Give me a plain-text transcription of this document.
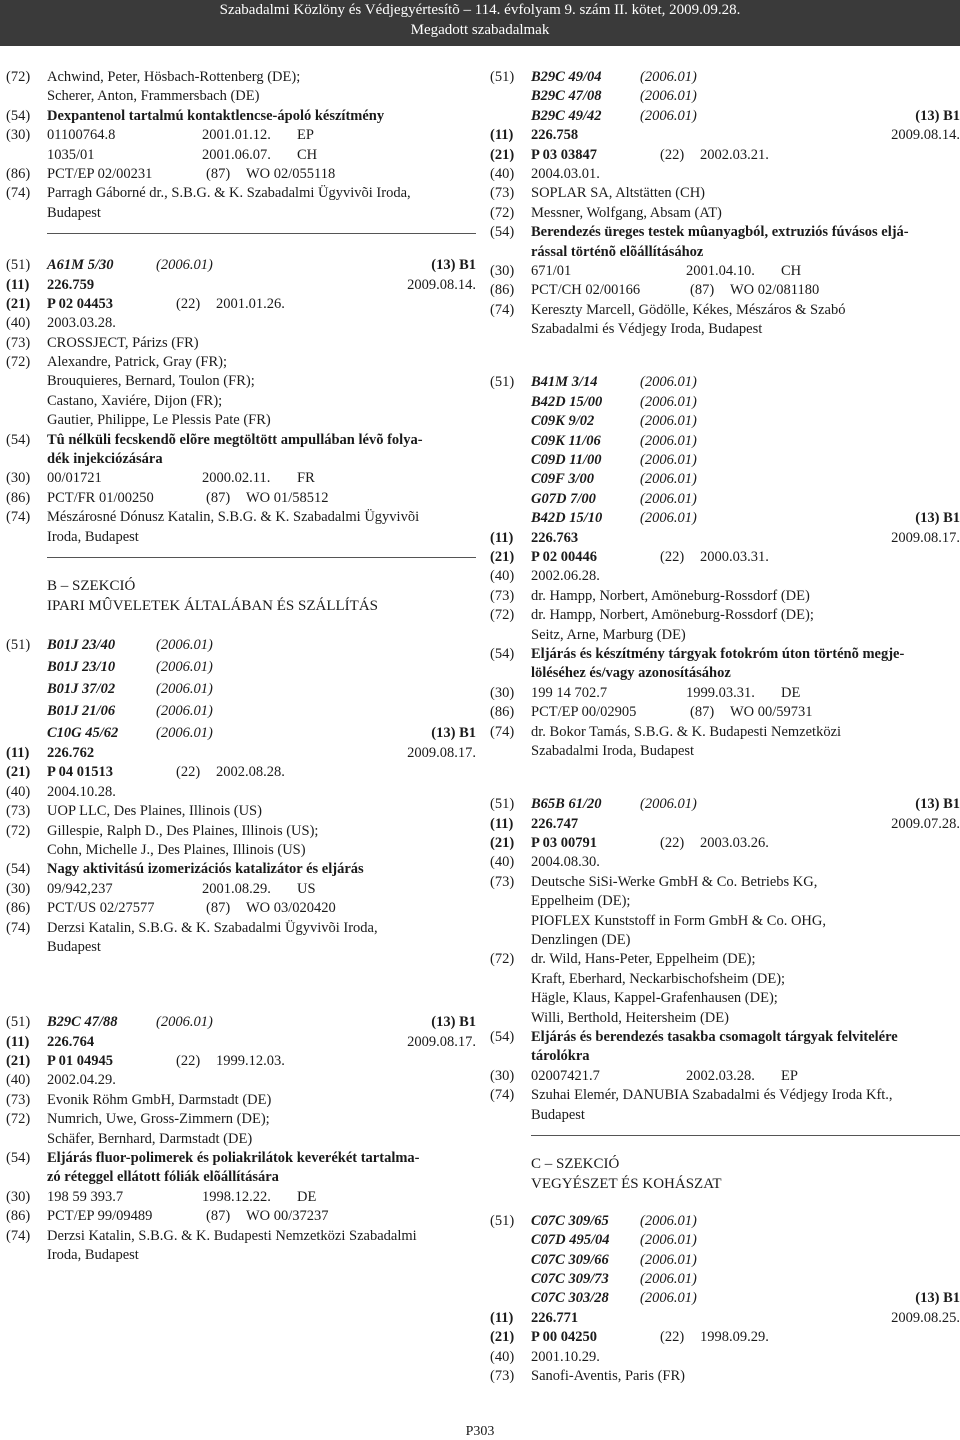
Szabadalmi Közlöny és Védjegyértesítõ – 114. évfolyam 9. szám II. kötet, 2009.09.28.
Megadott szabadalmak
(72) Achwind, Peter, Hösbach-Rottenberg (DE);
Scherer, Anton, Frammersbach (DE)
(54) Dexpantenol tartalmú kontaktlencse-ápoló készítmény
(30) 01100764.8	2001.01.12. EP
1035/01	2001.06.07. CH
(86) PCT/EP 02/00231	(87) WO 02/055118
(74) Parragh Gáborné dr., S.B.G. & K. Szabadalmi Ügyvivõi Iroda,
Budapest
(51) A61M 5/30	(2006.01)	(13) B1
(11) 226.759	2009.08.14.
(21) P 02 04453	(22) 2001.01.26.
(40) 2003.03.28.
(73) CROSSJECT, Párizs (FR)
(72) Alexandre, Patrick, Gray (FR);
Brouquieres, Bernard, Toulon (FR);
Castano, Xaviére, Dijon (FR);
Gautier, Philippe, Le Plessis Pate (FR)
(54) Tû nélküli fecskendõ elõre megtöltött ampullában lévõ folya-
dék injekciózására
(30) 00/01721	2000.02.11. FR
(86) PCT/FR 01/00250	(87) WO 01/58512
(74) Mészárosné Dónusz Katalin, S.B.G. & K. Szabadalmi Ügyvivõi
Iroda, Budapest
B – SZEKCIÓ
IPARI MÛVELETEK ÁLTALÁBAN ÉS SZÁLLÍTÁS
(51) B01J 23/40	(2006.01)
B01J 23/10	(2006.01)
B01J 37/02	(2006.01)
B01J 21/06	(2006.01)
C10G 45/62	(2006.01)	(13) B1
(11) 226.762	2009.08.17.
(21) P 04 01513	(22) 2002.08.28.
(40) 2004.10.28.
(73) UOP LLC, Des Plaines, Illinois (US)
(72) Gillespie, Ralph D., Des Plaines, Illinois (US);
Cohn, Michelle J., Des Plaines, Illinois (US)
(54) Nagy aktivitású izomerizációs katalizátor és eljárás
(30) 09/942,237	2001.08.29. US
(86) PCT/US 02/27577	(87) WO 03/020420
(74) Derzsi Katalin, S.B.G. & K. Szabadalmi Ügyvivõi Iroda,
Budapest
(51) B29C 47/88	(2006.01)	(13) B1
(11) 226.764	2009.08.17.
(21) P 01 04945	(22) 1999.12.03.
(40) 2002.04.29.
(73) Evonik Röhm GmbH, Darmstadt (DE)
(72) Numrich, Uwe, Gross-Zimmern (DE);
Schäfer, Bernhard, Darmstadt (DE)
(54) Eljárás fluor-polimerek és poliakrilátok keverékét tartalma-
zó réteggel ellátott fóliák elõállítására
(30) 198 59 393.7	1998.12.22. DE
(86) PCT/EP 99/09489	(87) WO 00/37237
(74) Derzsi Katalin, S.B.G. & K. Budapesti Nemzetközi Szabadalmi
Iroda, Budapest
(51) B29C 49/04	(2006.01)
B29C 47/08	(2006.01)
B29C 49/42	(2006.01)	(13) B1
(11) 226.758	2009.08.14.
(21) P 03 03847	(22) 2002.03.21.
(40) 2004.03.01.
(73) SOPLAR SA, Altstätten (CH)
(72) Messner, Wolfgang, Absam (AT)
(54) Berendezés üreges testek mûanyagból, extruziós fúvásos eljá-
rással történõ elõállításához
(30) 671/01	2001.04.10. CH
(86) PCT/CH 02/00166	(87) WO 02/081180
(74) Kereszty Marcell, Gödölle, Kékes, Mészáros & Szabó
Szabadalmi és Védjegy Iroda, Budapest
(51) B41M 3/14	(2006.01)
B42D 15/00	(2006.01)
C09K 9/02	(2006.01)
C09K 11/06	(2006.01)
C09D 11/00	(2006.01)
C09F 3/00	(2006.01)
G07D 7/00	(2006.01)
B42D 15/10	(2006.01)	(13) B1
(11) 226.763	2009.08.17.
(21) P 02 00446	(22) 2000.03.31.
(40) 2002.06.28.
(73) dr. Hampp, Norbert, Amöneburg-Rossdorf (DE)
(72) dr. Hampp, Norbert, Amöneburg-Rossdorf (DE);
Seitz, Arne, Marburg (DE)
(54) Eljárás és készítmény tárgyak fotokróm úton történõ megje-
löléséhez és/vagy azonosításához
(30) 199 14 702.7	1999.03.31. DE
(86) PCT/EP 00/02905	(87) WO 00/59731
(74) dr. Bokor Tamás, S.B.G. & K. Budapesti Nemzetközi
Szabadalmi Iroda, Budapest
(51) B65B 61/20	(2006.01)	(13) B1
(11) 226.747	2009.07.28.
(21) P 03 00791	(22) 2003.03.26.
(40) 2004.08.30.
(73) Deutsche SiSi-Werke GmbH & Co. Betriebs KG,
Eppelheim (DE);
PIOFLEX Kunststoff in Form GmbH & Co. OHG,
Denzlingen (DE)
(72) dr. Wild, Hans-Peter, Eppelheim (DE);
Kraft, Eberhard, Neckarbischofsheim (DE);
Hägle, Klaus, Kappel-Grafenhausen (DE);
Willi, Berthold, Heitersheim (DE)
(54) Eljárás és berendezés tasakba csomagolt tárgyak felvitelére
tárolókra
(30) 02007421.7	2002.03.28. EP
(74) Szuhai Elemér, DANUBIA Szabadalmi és Védjegy Iroda Kft.,
Budapest
C – SZEKCIÓ
VEGYÉSZET ÉS KOHÁSZAT
(51) C07C 309/65 (2006.01)
C07D 495/04 (2006.01)
C07C 309/66 (2006.01)
C07C 309/73 (2006.01)
C07C 303/28 (2006.01)	(13) B1
(11) 226.771	2009.08.25.
(21) P 00 04250	(22) 1998.09.29.
(40) 2001.10.29.
(73) Sanofi-Aventis, Paris (FR)
P303
